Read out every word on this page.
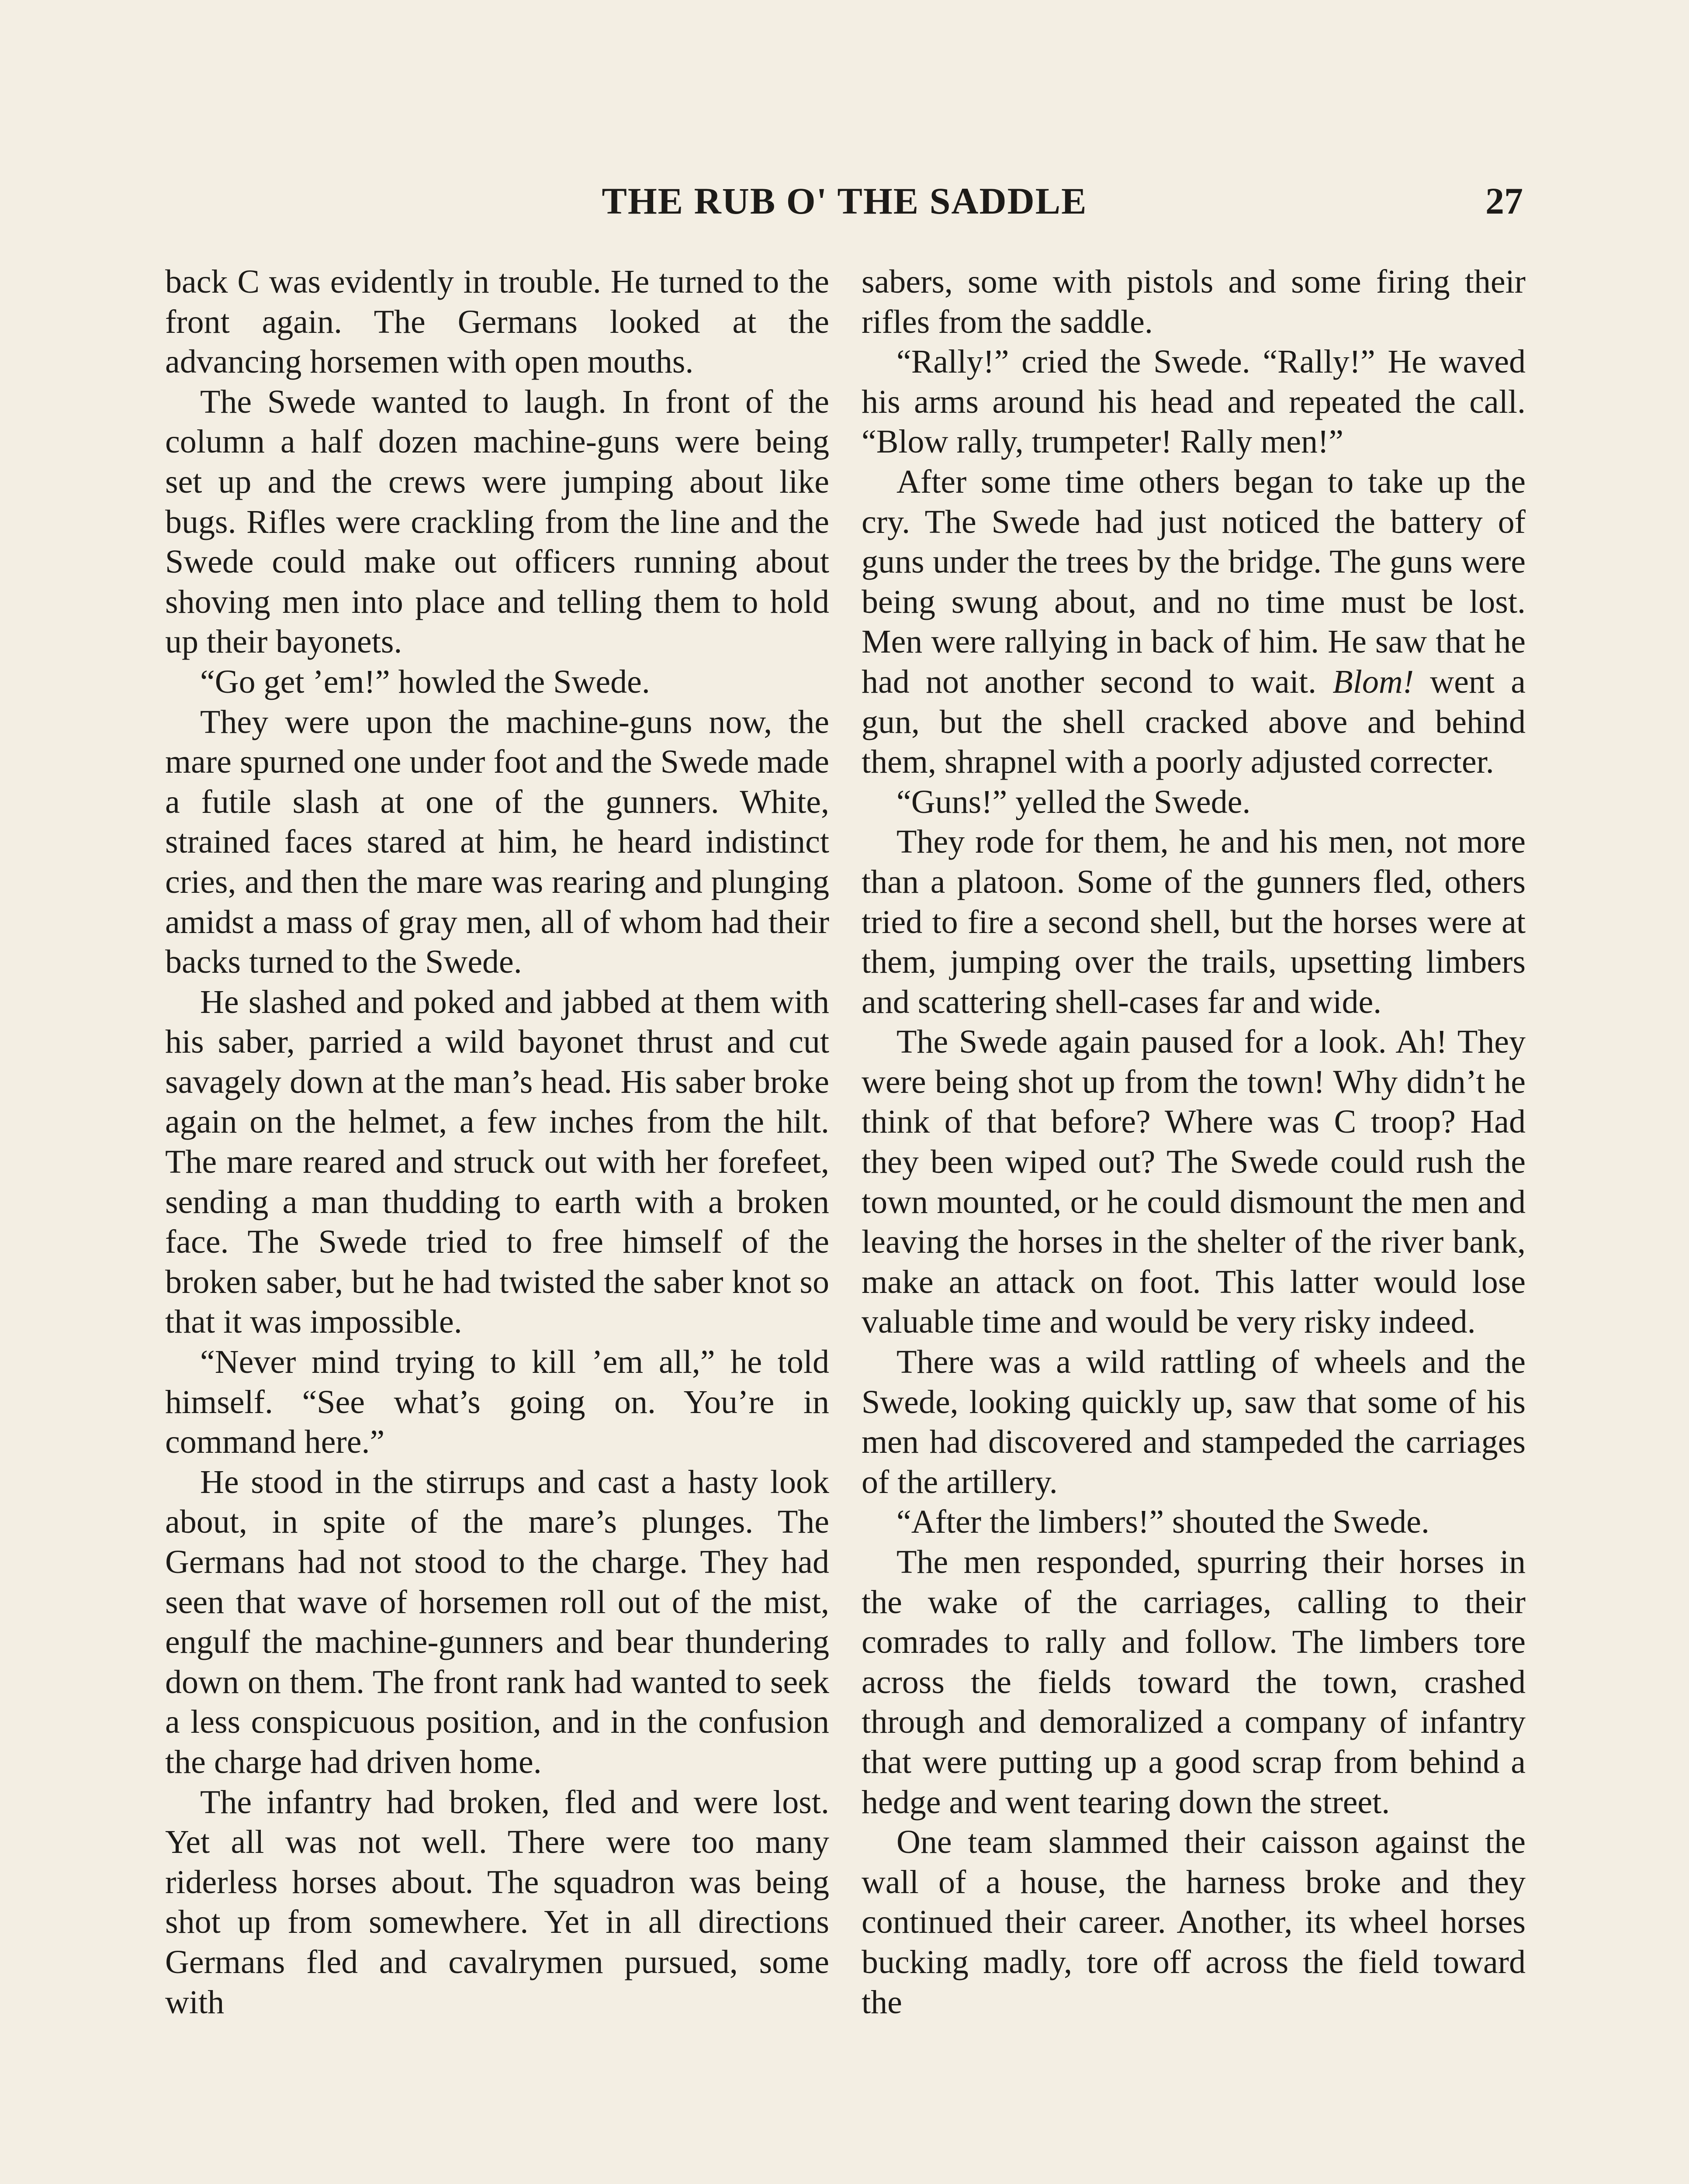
THE RUB O' THE SADDLE	27

back C was evidently in trouble. He turned to the front again. The Germans looked at the advancing horsemen with open mouths.

The Swede wanted to laugh. In front of the column a half dozen machine-guns were being set up and the crews were jumping about like bugs. Rifles were crackling from the line and the Swede could make out officers running about shoving men into place and telling them to hold up their bayonets.

“Go get ’em!” howled the Swede.

They were upon the machine-guns now, the mare spurned one under foot and the Swede made a futile slash at one of the gunners. White, strained faces stared at him, he heard indistinct cries, and then the mare was rearing and plunging amidst a mass of gray men, all of whom had their backs turned to the Swede.

He slashed and poked and jabbed at them with his saber, parried a wild bayonet thrust and cut savagely down at the man’s head. His saber broke again on the helmet, a few inches from the hilt. The mare reared and struck out with her forefeet, sending a man thudding to earth with a broken face. The Swede tried to free himself of the broken saber, but he had twisted the saber knot so that it was impossible.

“Never mind trying to kill ’em all,” he told himself. “See what’s going on. You’re in command here.”

He stood in the stirrups and cast a hasty look about, in spite of the mare’s plunges. The Germans had not stood to the charge. They had seen that wave of horsemen roll out of the mist, engulf the machine-gunners and bear thundering down on them. The front rank had wanted to seek a less conspicuous position, and in the confusion the charge had driven home.

The infantry had broken, fled and were lost. Yet all was not well. There were too many riderless horses about. The squadron was being shot up from somewhere. Yet in all directions Germans fled and cavalrymen pursued, some with

sabers, some with pistols and some firing their rifles from the saddle.

“Rally!” cried the Swede. “Rally!” He waved his arms around his head and repeated the call. “Blow rally, trumpeter! Rally men!”

After some time others began to take up the cry. The Swede had just noticed the battery of guns under the trees by the bridge. The guns were being swung about, and no time must be lost. Men were rallying in back of him. He saw that he had not another second to wait. Blom! went a gun, but the shell cracked above and behind them, shrapnel with a poorly adjusted correcter.

“Guns!” yelled the Swede.

They rode for them, he and his men, not more than a platoon. Some of the gunners fled, others tried to fire a second shell, but the horses were at them, jumping over the trails, upsetting limbers and scattering shell-cases far and wide.

The Swede again paused for a look. Ah! They were being shot up from the town! Why didn’t he think of that before? Where was C troop? Had they been wiped out? The Swede could rush the town mounted, or he could dismount the men and leaving the horses in the shelter of the river bank, make an attack on foot. This latter would lose valuable time and would be very risky indeed.

There was a wild rattling of wheels and the Swede, looking quickly up, saw that some of his men had discovered and stampeded the carriages of the artillery.

“After the limbers!” shouted the Swede.

The men responded, spurring their horses in the wake of the carriages, calling to their comrades to rally and follow. The limbers tore across the fields toward the town, crashed through and demoralized a company of infantry that were putting up a good scrap from behind a hedge and went tearing down the street.

One team slammed their caisson against the wall of a house, the harness broke and they continued their career. Another, its wheel horses bucking madly, tore off across the field toward the
